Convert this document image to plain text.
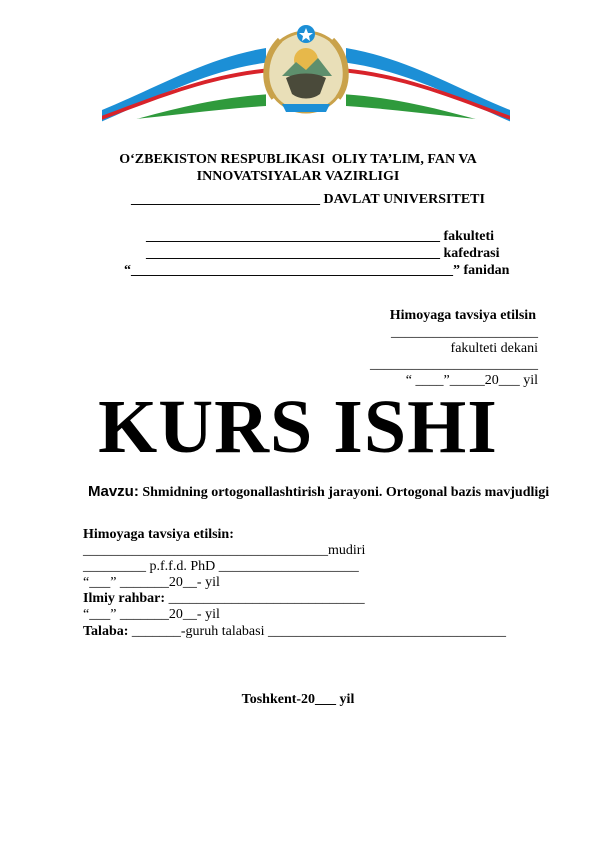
O‘ZBEKISTON RESPUBLIKASI  OLIY TA’LIM, FAN VA
INNOVATSIYALAR VAZIRLIGI
___________________________ DAVLAT UNIVERSITETI
__________________________________________ fakulteti
__________________________________________ kafedrasi
“______________________________________________” fanidan
Himoyaga tavsiya etilsin
_____________________
fakulteti dekani
________________________
“ ____”_____20___ yil
KURS ISHI
Mavzu: Shmidning ortogonallashtirish jarayoni. Ortogonal bazis mavjudligi
Himoyaga tavsiya etilsin:
___________________________________mudiri
_________ p.f.f.d. PhD ____________________
“___” _______20__- yil
Ilmiy rahbar: ____________________________
“___” _______20__- yil
Talaba: _______-guruh talabasi __________________________________
Toshkent-20___ yil
